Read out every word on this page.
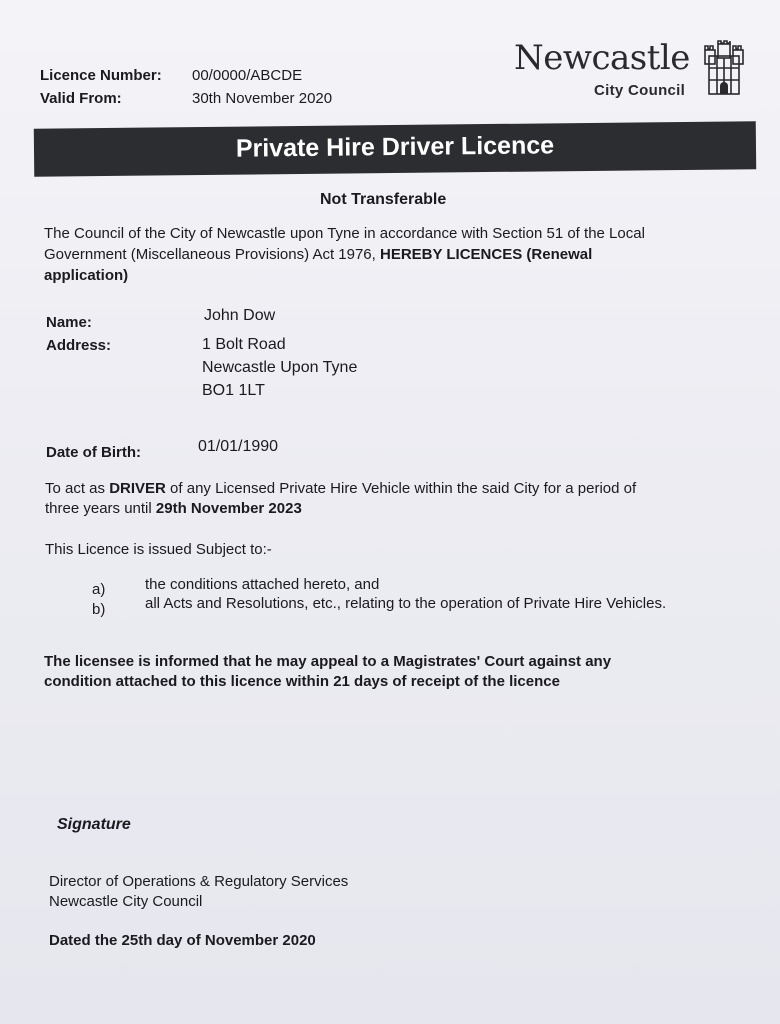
Licence Number: 00/0000/ABCDE
Valid From:	30th November 2020
Newcastle
City Council
Private Hire Driver Licence
Not Transferable
The Council of the City of Newcastle upon Tyne in accordance with Section 51 of the Local
Government (Miscellaneous Provisions) Act 1976, HEREBY LICENCES (Renewal
application)
Name:	John Dow
Address:	1 Bolt Road
Newcastle Upon Tyne
BO1 1LT
Date of Birth:	01/01/1990
To act as DRIVER of any Licensed Private Hire Vehicle within the said City for a period of
three years until 29th November 2023
This Licence is issued Subject to:-
a)	the conditions attached hereto, and
b)	all Acts and Resolutions, etc., relating to the operation of Private Hire Vehicles.
The licensee is informed that he may appeal to a Magistrates' Court against any
condition attached to this licence within 21 days of receipt of the licence
Signature
Director of Operations & Regulatory Services
Newcastle City Council
Dated the 25th day of November 2020
